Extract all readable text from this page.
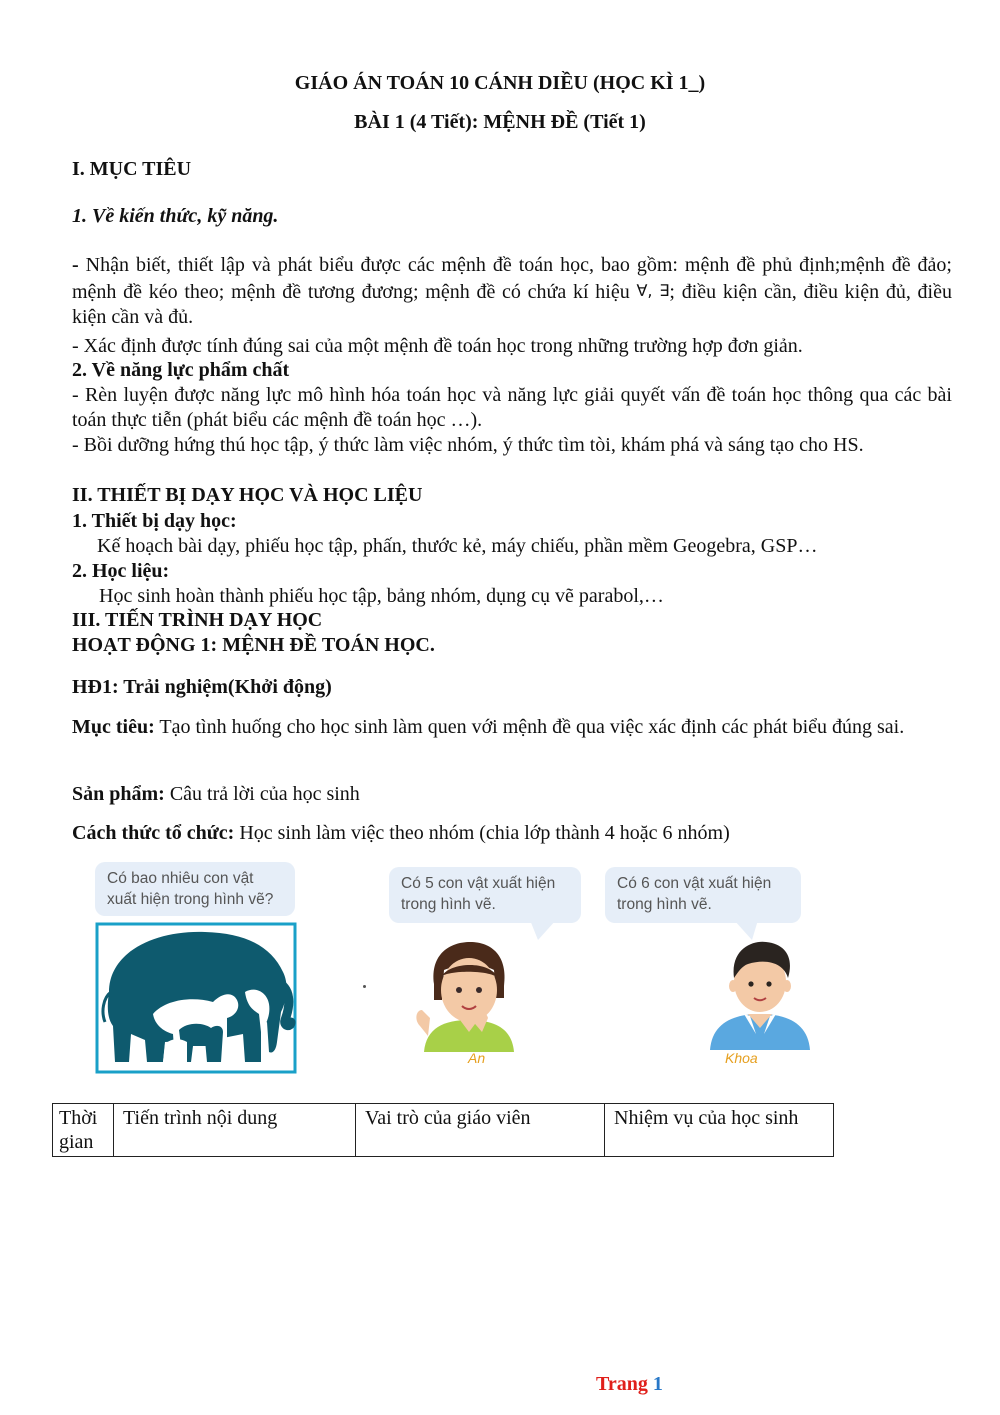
GIÁO ÁN TOÁN 10 CÁNH DIỀU (HỌC KÌ 1_)
BÀI 1 (4 Tiết): MỆNH ĐỀ (Tiết 1)
I. MỤC TIÊU
1. Về kiến thức, kỹ năng.
- Nhận biết, thiết lập và phát biểu được các mệnh đề toán học, bao gồm: mệnh đề phủ định;mệnh đề đảo; mệnh đề kéo theo; mệnh đề tương đương; mệnh đề có chứa kí hiệu ∀, ∃; điều kiện cần, điều kiện đủ, điều kiện cần và đủ.
- Xác định được tính đúng sai của một mệnh đề toán học trong những trường hợp đơn giản.
2. Về năng lực phẩm chất
- Rèn luyện được năng lực mô hình hóa toán học và năng lực giải quyết vấn đề toán học thông qua các bài toán thực tiễn (phát biểu các mệnh đề toán học …).
- Bồi dưỡng hứng thú học tập, ý thức làm việc nhóm, ý thức tìm tòi, khám phá và sáng tạo cho HS.
II. THIẾT BỊ DẠY HỌC VÀ HỌC LIỆU
1. Thiết bị dạy học:
Kế hoạch bài dạy, phiếu học tập, phấn, thước kẻ, máy chiếu, phần mềm Geogebra, GSP…
2. Học liệu:
Học sinh hoàn thành phiếu học tập, bảng nhóm, dụng cụ vẽ parabol,…
III. TIẾN TRÌNH DẠY HỌC
HOẠT ĐỘNG 1: MỆNH ĐỀ TOÁN HỌC.
HĐ1: Trải nghiệm(Khởi động)
Mục tiêu: Tạo tình huống cho học sinh làm quen với mệnh đề qua việc xác định các phát biểu đúng sai.
Sản phẩm: Câu trả lời của học sinh
Cách thức tổ chức: Học sinh làm việc theo nhóm (chia lớp thành 4 hoặc 6 nhóm)
Có bao nhiêu con vật xuất hiện trong hình vẽ?
Có 5 con vật xuất hiện trong hình vẽ.
An
Có 6 con vật xuất hiện trong hình vẽ.
Khoa
Thời gian	Tiến trình nội dung	Vai trò của giáo viên	Nhiệm vụ của học sinh
Trang 1
